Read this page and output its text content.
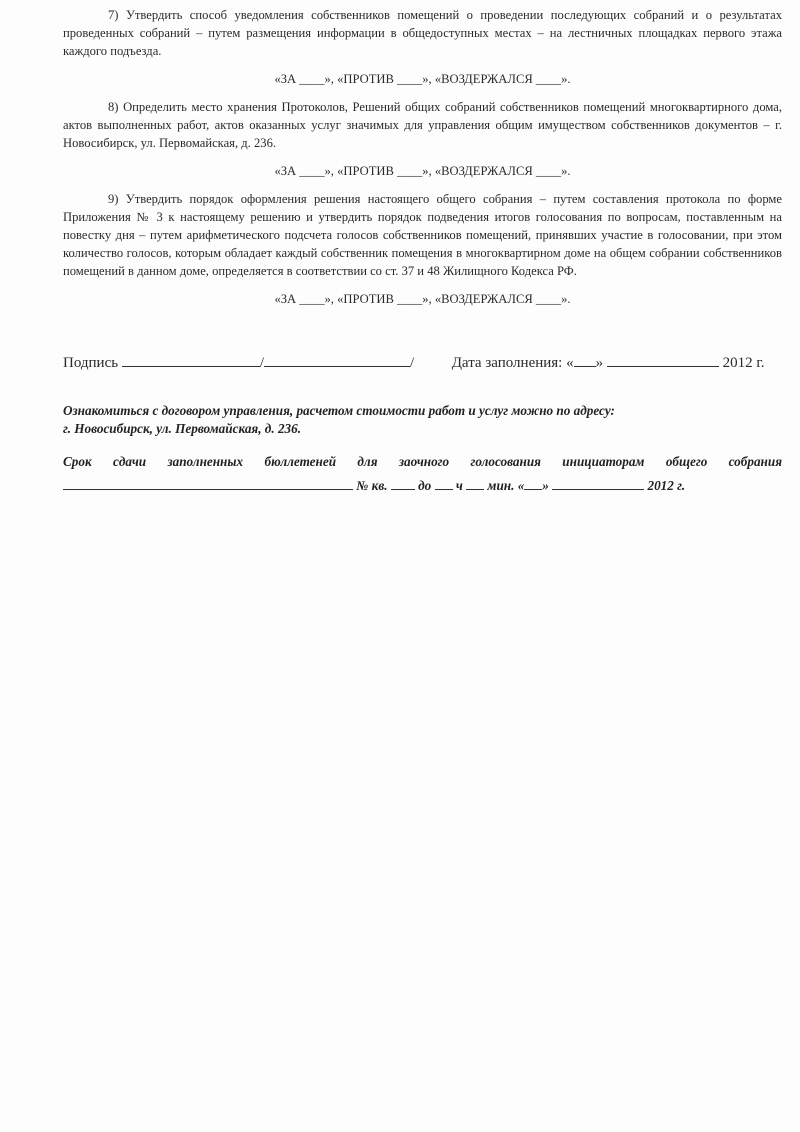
7) Утвердить способ уведомления собственников помещений о проведении последующих собраний и о результатах проведенных собраний – путем размещения информации в общедоступных местах – на лестничных площадках первого этажа каждого подъезда.

«ЗА ____», «ПРОТИВ ____», «ВОЗДЕРЖАЛСЯ ____».

8) Определить место хранения Протоколов, Решений общих собраний собственников помещений многоквартирного дома, актов выполненных работ, актов оказанных услуг значимых для управления общим имуществом собственников документов – г. Новосибирск, ул. Первомайская, д. 236.

«ЗА ____», «ПРОТИВ ____», «ВОЗДЕРЖАЛСЯ ____».

9) Утвердить порядок оформления решения настоящего общего собрания – путем составления протокола по форме Приложения № 3 к настоящему решению и утвердить порядок подведения итогов голосования по вопросам, поставленным на повестку дня – путем арифметического подсчета голосов собственников помещений, принявших участие в голосовании, при этом количество голосов, которым обладает каждый собственник помещения в многоквартирном доме на общем собрании собственников помещений в данном доме, определяется в соответствии со ст. 37 и 48 Жилищного Кодекса РФ.

«ЗА ____», «ПРОТИВ ____», «ВОЗДЕРЖАЛСЯ ____».

Подпись	/	/	Дата заполнения: « »	2012 г.
Ознакомиться с договором управления, расчетом стоимости работ и услуг можно по адресу:
г. Новосибирск, ул. Первомайская, д. 236.
Срок сдачи заполненных бюллетеней для заочного голосования инициаторам общего собрания
№ кв. до ч мин. « »	2012 г.
